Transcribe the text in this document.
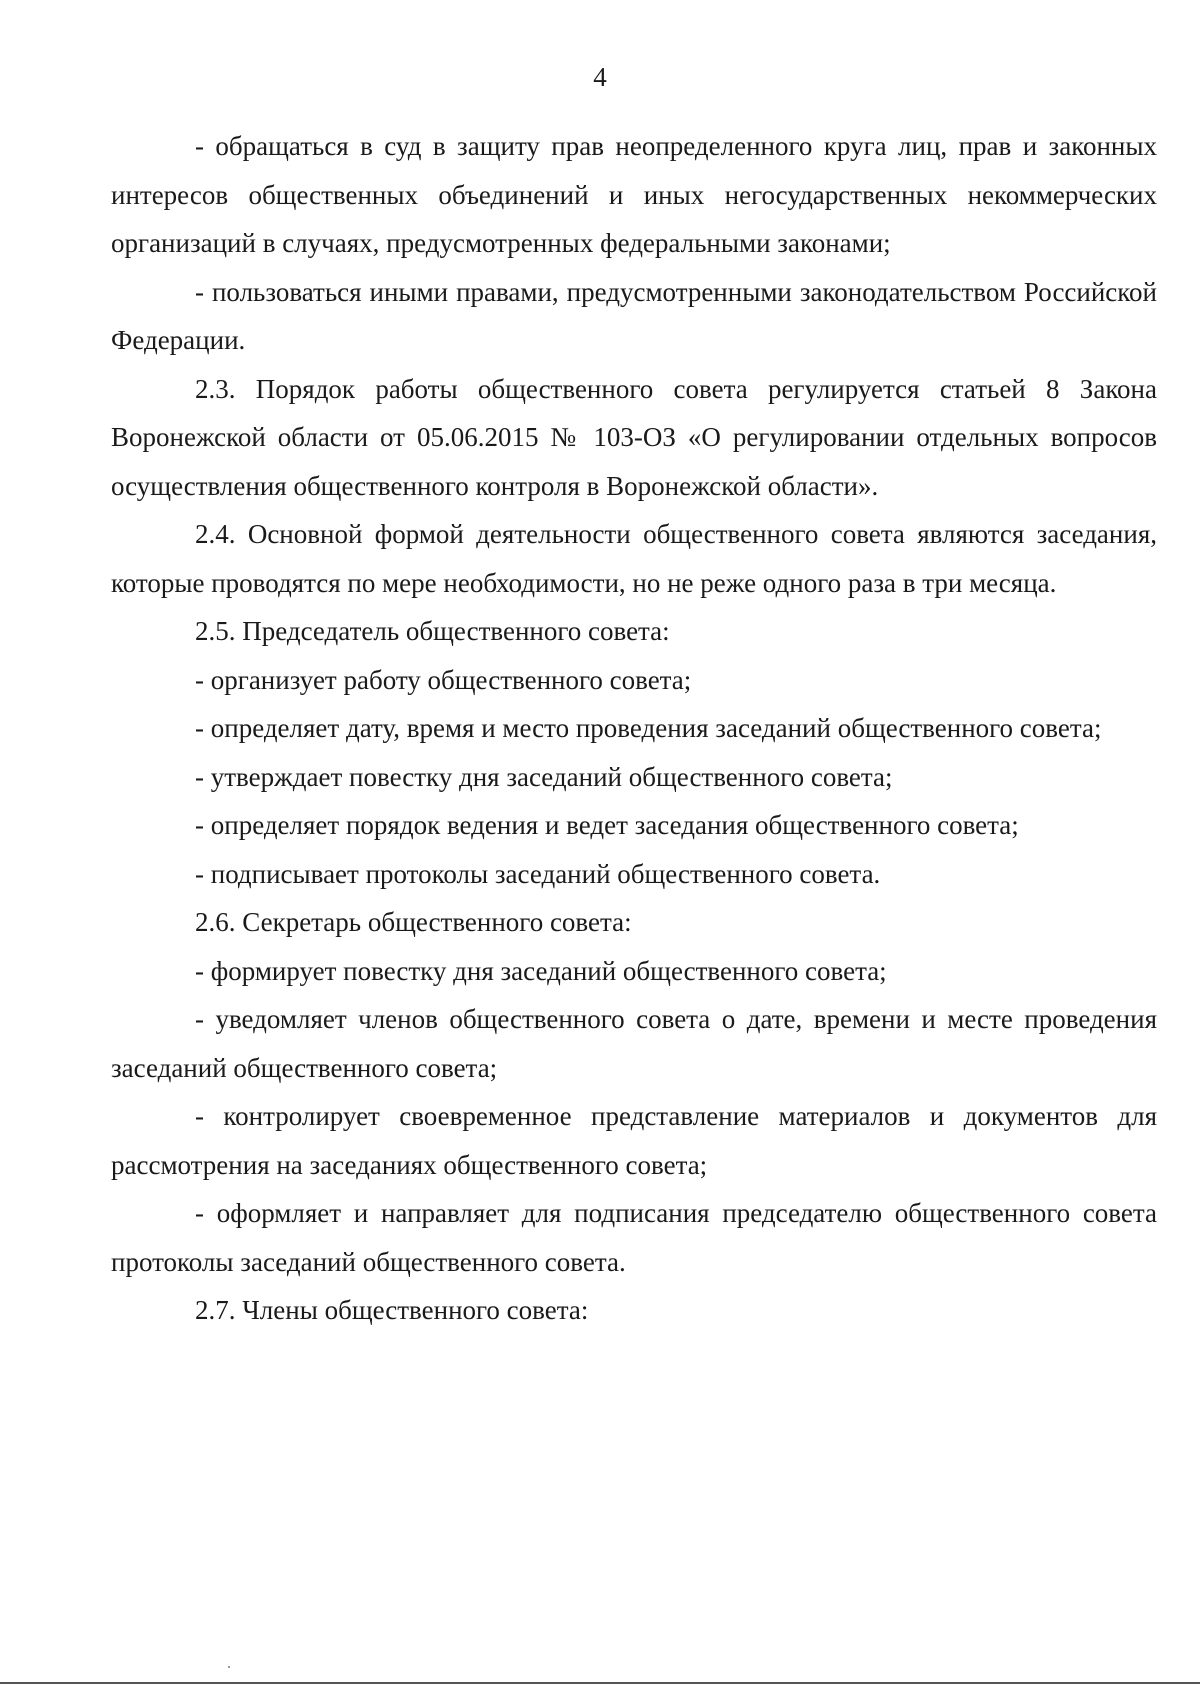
4

- обращаться в суд в защиту прав неопределенного круга лиц, прав и законных интересов общественных объединений и иных негосударственных некоммерческих организаций в случаях, предусмотренных федеральными законами;

- пользоваться иными правами, предусмотренными законодательством Российской Федерации.

2.3. Порядок работы общественного совета регулируется статьей 8 Закона Воронежской области от 05.06.2015 № 103-ОЗ «О регулировании отдельных вопросов осуществления общественного контроля в Воронежской области».

2.4. Основной формой деятельности общественного совета являются заседания, которые проводятся по мере необходимости, но не реже одного раза в три месяца.

2.5. Председатель общественного совета:

- организует работу общественного совета;

- определяет дату, время и место проведения заседаний общественного совета;

- утверждает повестку дня заседаний общественного совета;

- определяет порядок ведения и ведет заседания общественного совета;

- подписывает протоколы заседаний общественного совета.

2.6. Секретарь общественного совета:

- формирует повестку дня заседаний общественного совета;

- уведомляет членов общественного совета о дате, времени и месте проведения заседаний общественного совета;

- контролирует своевременное представление материалов и документов для рассмотрения на заседаниях общественного совета;

- оформляет и направляет для подписания председателю общественного совета протоколы заседаний общественного совета.

2.7. Члены общественного совета:
